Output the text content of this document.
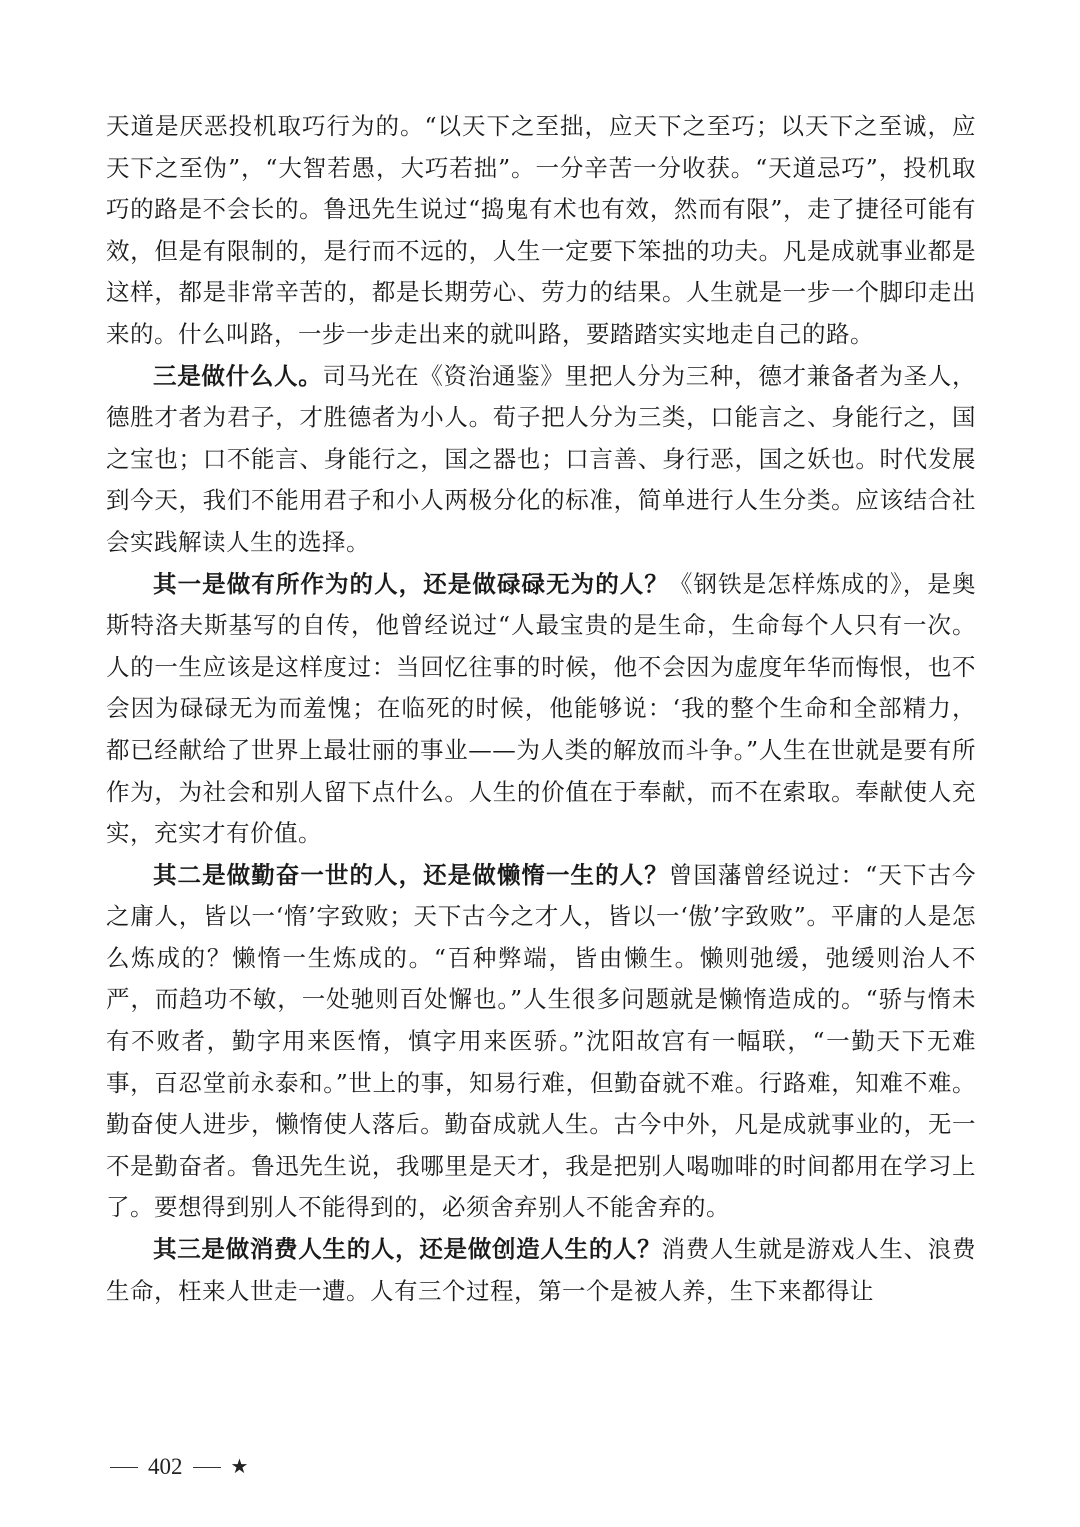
天道是厌恶投机取巧行为的。“以天下之至拙，应天下之至巧；以天下之至诚，应天下之至伪”，“大智若愚，大巧若拙”。一分辛苦一分收获。“天道忌巧”，投机取巧的路是不会长的。鲁迅先生说过“捣鬼有术也有效，然而有限”，走了捷径可能有效，但是有限制的，是行而不远的，人生一定要下笨拙的功夫。凡是成就事业都是这样，都是非常辛苦的，都是长期劳心、劳力的结果。人生就是一步一个脚印走出来的。什么叫路，一步一步走出来的就叫路，要踏踏实实地走自己的路。

三是做什么人。司马光在《资治通鉴》里把人分为三种，德才兼备者为圣人，德胜才者为君子，才胜德者为小人。荀子把人分为三类，口能言之、身能行之，国之宝也；口不能言、身能行之，国之器也；口言善、身行恶，国之妖也。时代发展到今天，我们不能用君子和小人两极分化的标准，简单进行人生分类。应该结合社会实践解读人生的选择。

其一是做有所作为的人，还是做碌碌无为的人？《钢铁是怎样炼成的》，是奥斯特洛夫斯基写的自传，他曾经说过“人最宝贵的是生命，生命每个人只有一次。人的一生应该是这样度过：当回忆往事的时候，他不会因为虚度年华而悔恨，也不会因为碌碌无为而羞愧；在临死的时候，他能够说：‘我的整个生命和全部精力，都已经献给了世界上最壮丽的事业——为人类的解放而斗争。”人生在世就是要有所作为，为社会和别人留下点什么。人生的价值在于奉献，而不在索取。奉献使人充实，充实才有价值。

其二是做勤奋一世的人，还是做懒惰一生的人？曾国藩曾经说过：“天下古今之庸人，皆以一‘惰’字致败；天下古今之才人，皆以一‘傲’字致败”。平庸的人是怎么炼成的？懒惰一生炼成的。“百种弊端，皆由懒生。懒则弛缓，弛缓则治人不严，而趋功不敏，一处驰则百处懈也。”人生很多问题就是懒惰造成的。“骄与惰未有不败者，勤字用来医惰，慎字用来医骄。”沈阳故宫有一幅联，“一勤天下无难事，百忍堂前永泰和。”世上的事，知易行难，但勤奋就不难。行路难，知难不难。勤奋使人进步，懒惰使人落后。勤奋成就人生。古今中外，凡是成就事业的，无一不是勤奋者。鲁迅先生说，我哪里是天才，我是把别人喝咖啡的时间都用在学习上了。要想得到别人不能得到的，必须舍弃别人不能舍弃的。

其三是做消费人生的人，还是做创造人生的人？消费人生就是游戏人生、浪费生命，枉来人世走一遭。人有三个过程，第一个是被人养，生下来都得让

402 ★
